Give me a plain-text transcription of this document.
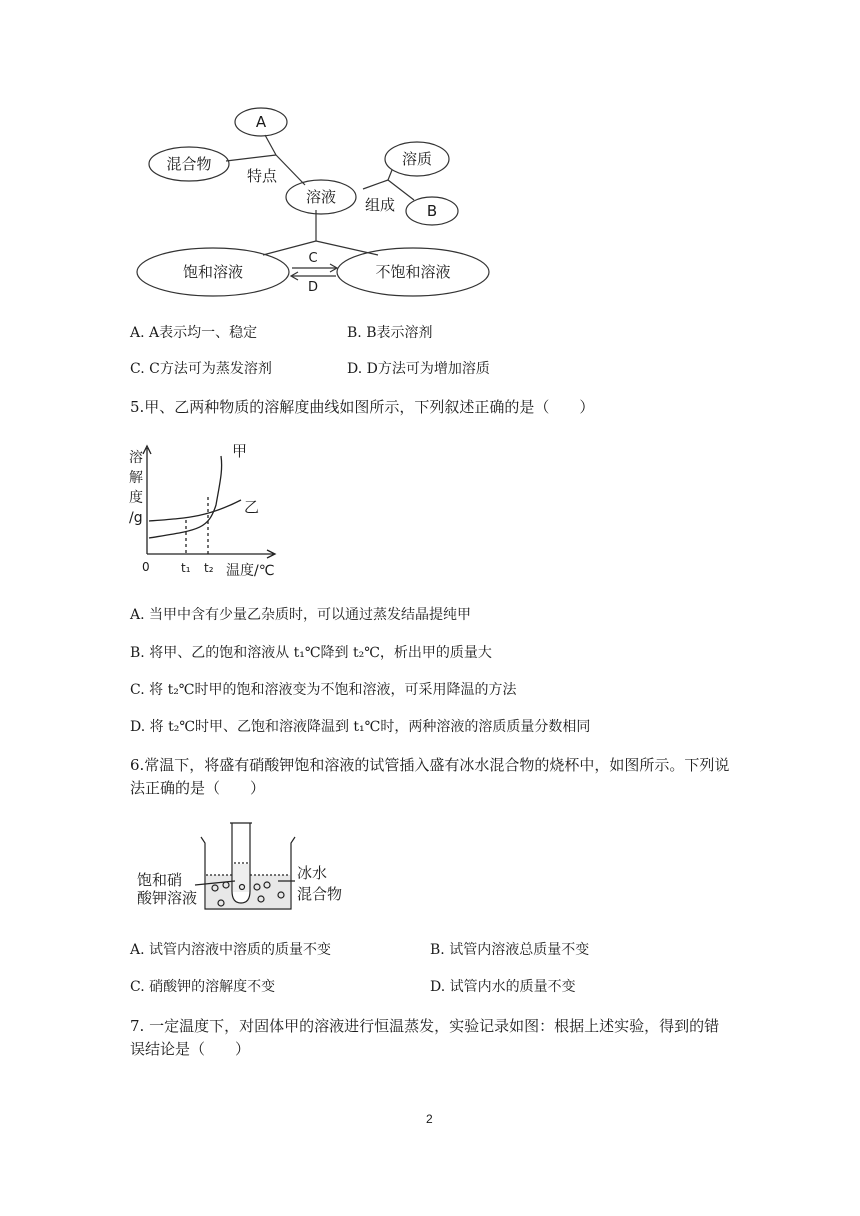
A
混合物
特点
溶质
溶液 组成 B
饱和溶液
C
D
不饱和溶液
A. A表示均一、稳定	B. B表示溶剂
C. C方法可为蒸发溶剂	D. D方法可为增加溶质
5.甲、乙两种物质的溶解度曲线如图所示，下列叙述正确的是（　　）
溶
解
度
/g
甲
乙
0	t₁ t₂ 温度/℃
A. 当甲中含有少量乙杂质时，可以通过蒸发结晶提纯甲
B. 将甲、乙的饱和溶液从 t₁℃降到 t₂℃，析出甲的质量大
C. 将 t₂℃时甲的饱和溶液变为不饱和溶液，可采用降温的方法
D. 将 t₂℃时甲、乙饱和溶液降温到 t₁℃时，两种溶液的溶质质量分数相同
6.常温下，将盛有硝酸钾饱和溶液的试管插入盛有冰水混合物的烧杯中，如图所示。下列说
法正确的是（　　）
饱和硝
酸钾溶液
冰水
混合物
A. 试管内溶液中溶质的质量不变	B. 试管内溶液总质量不变
C. 硝酸钾的溶解度不变	D. 试管内水的质量不变
7. 一定温度下，对固体甲的溶液进行恒温蒸发，实验记录如图：根据上述实验，得到的错
误结论是（　　）
2
